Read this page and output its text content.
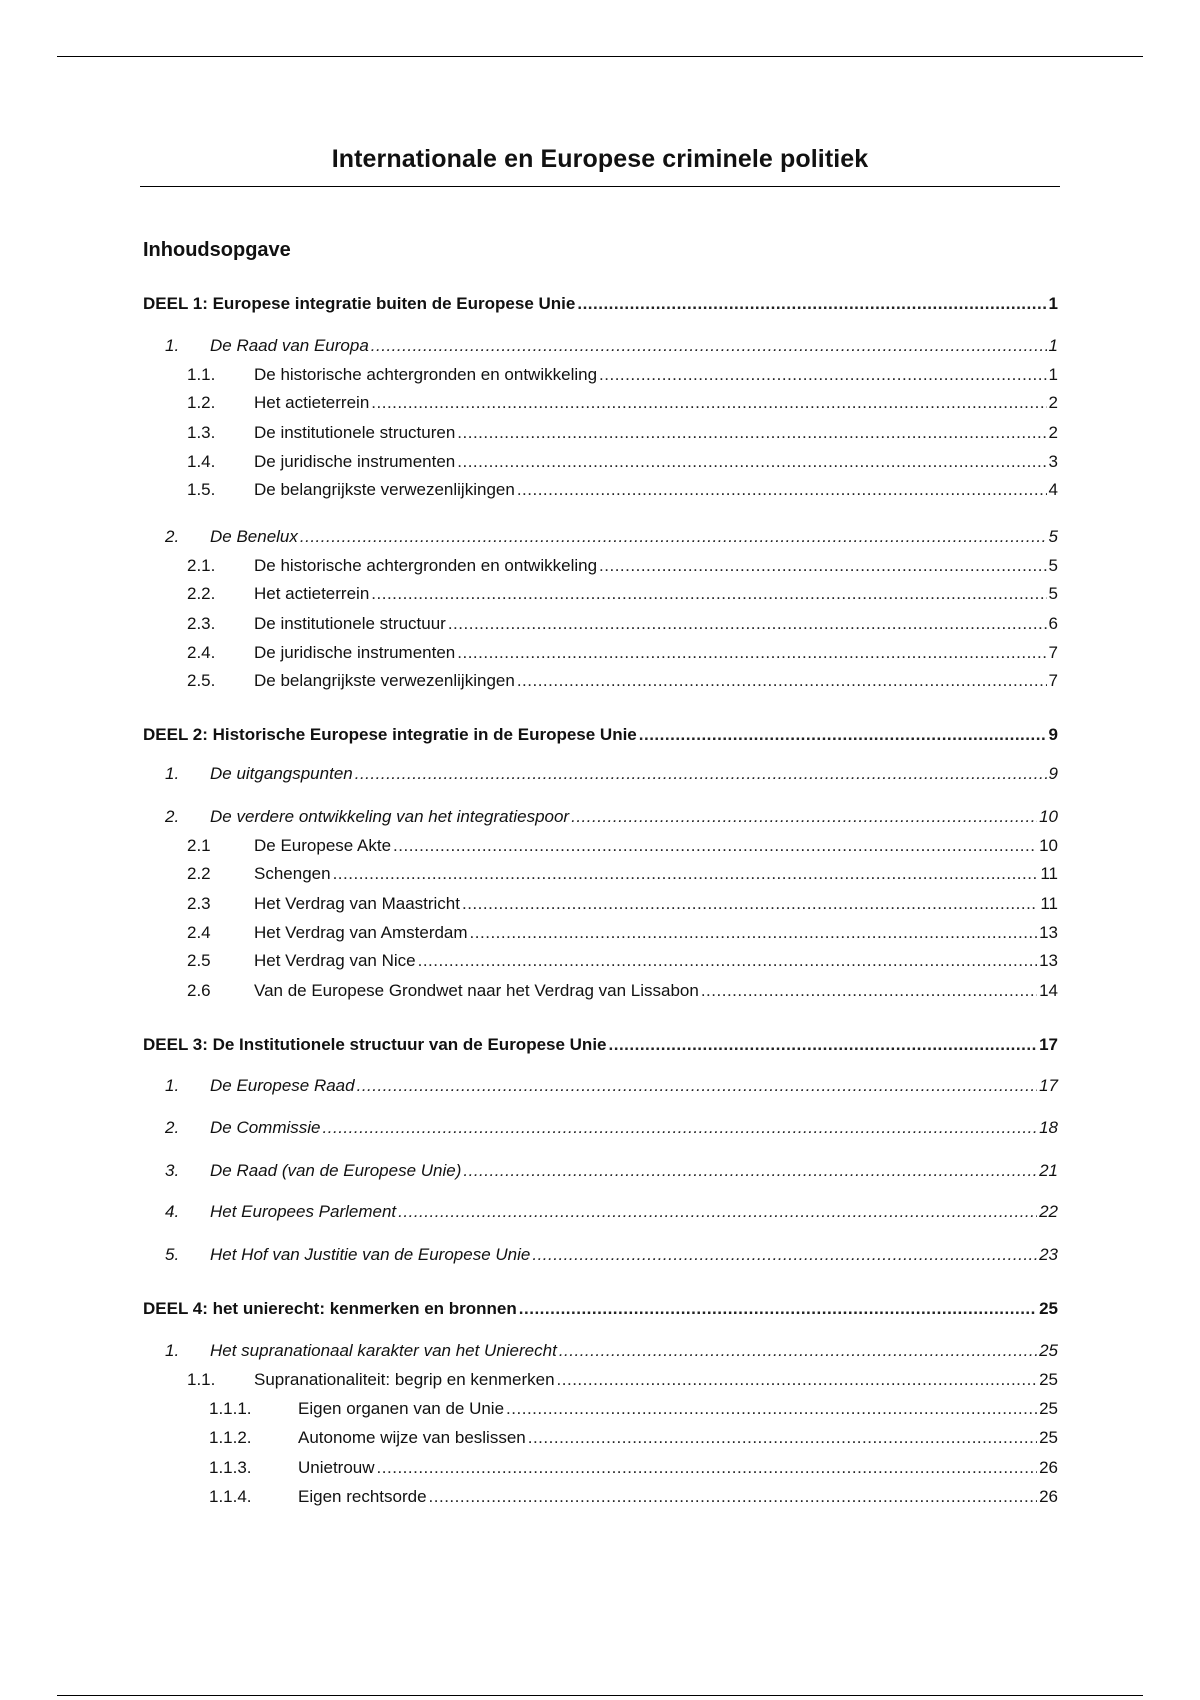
Internationale en Europese criminele politiek
Inhoudsopgave
DEEL 1: Europese integratie buiten de Europese Unie .....	1
1.	De Raad van Europa .....	1
1.1.	De historische achtergronden en ontwikkeling .....	1
1.2.	Het actieterrein .....	2
1.3.	De institutionele structuren .....	2
1.4.	De juridische instrumenten .....	3
1.5.	De belangrijkste verwezenlijkingen .....	4
2.	De Benelux .....	5
2.1.	De historische achtergronden en ontwikkeling .....	5
2.2.	Het actieterrein .....	5
2.3.	De institutionele structuur .....	6
2.4.	De juridische instrumenten .....	7
2.5.	De belangrijkste verwezenlijkingen .....	7
DEEL 2: Historische Europese integratie in de Europese Unie .....	9
1.	De uitgangspunten .....	9
2.	De verdere ontwikkeling van het integratiespoor .....	10
2.1	De Europese Akte .....	10
2.2	Schengen .....	11
2.3	Het Verdrag van Maastricht .....	11
2.4	Het Verdrag van Amsterdam .....	13
2.5	Het Verdrag van Nice .....	13
2.6	Van de Europese Grondwet naar het Verdrag van Lissabon .....	14
DEEL 3: De Institutionele structuur van de Europese Unie .....	17
1.	De Europese Raad .....	17
2.	De Commissie .....	18
3.	De Raad (van de Europese Unie) .....	21
4.	Het Europees Parlement .....	22
5.	Het Hof van Justitie van de Europese Unie .....	23
DEEL 4: het unierecht: kenmerken en bronnen .....	25
1.	Het supranationaal karakter van het Unierecht .....	25
1.1.	Supranationaliteit: begrip en kenmerken .....	25
1.1.1.	Eigen organen van de Unie .....	25
1.1.2.	Autonome wijze van beslissen .....	25
1.1.3.	Unietrouw .....	26
1.1.4.	Eigen rechtsorde .....	26
